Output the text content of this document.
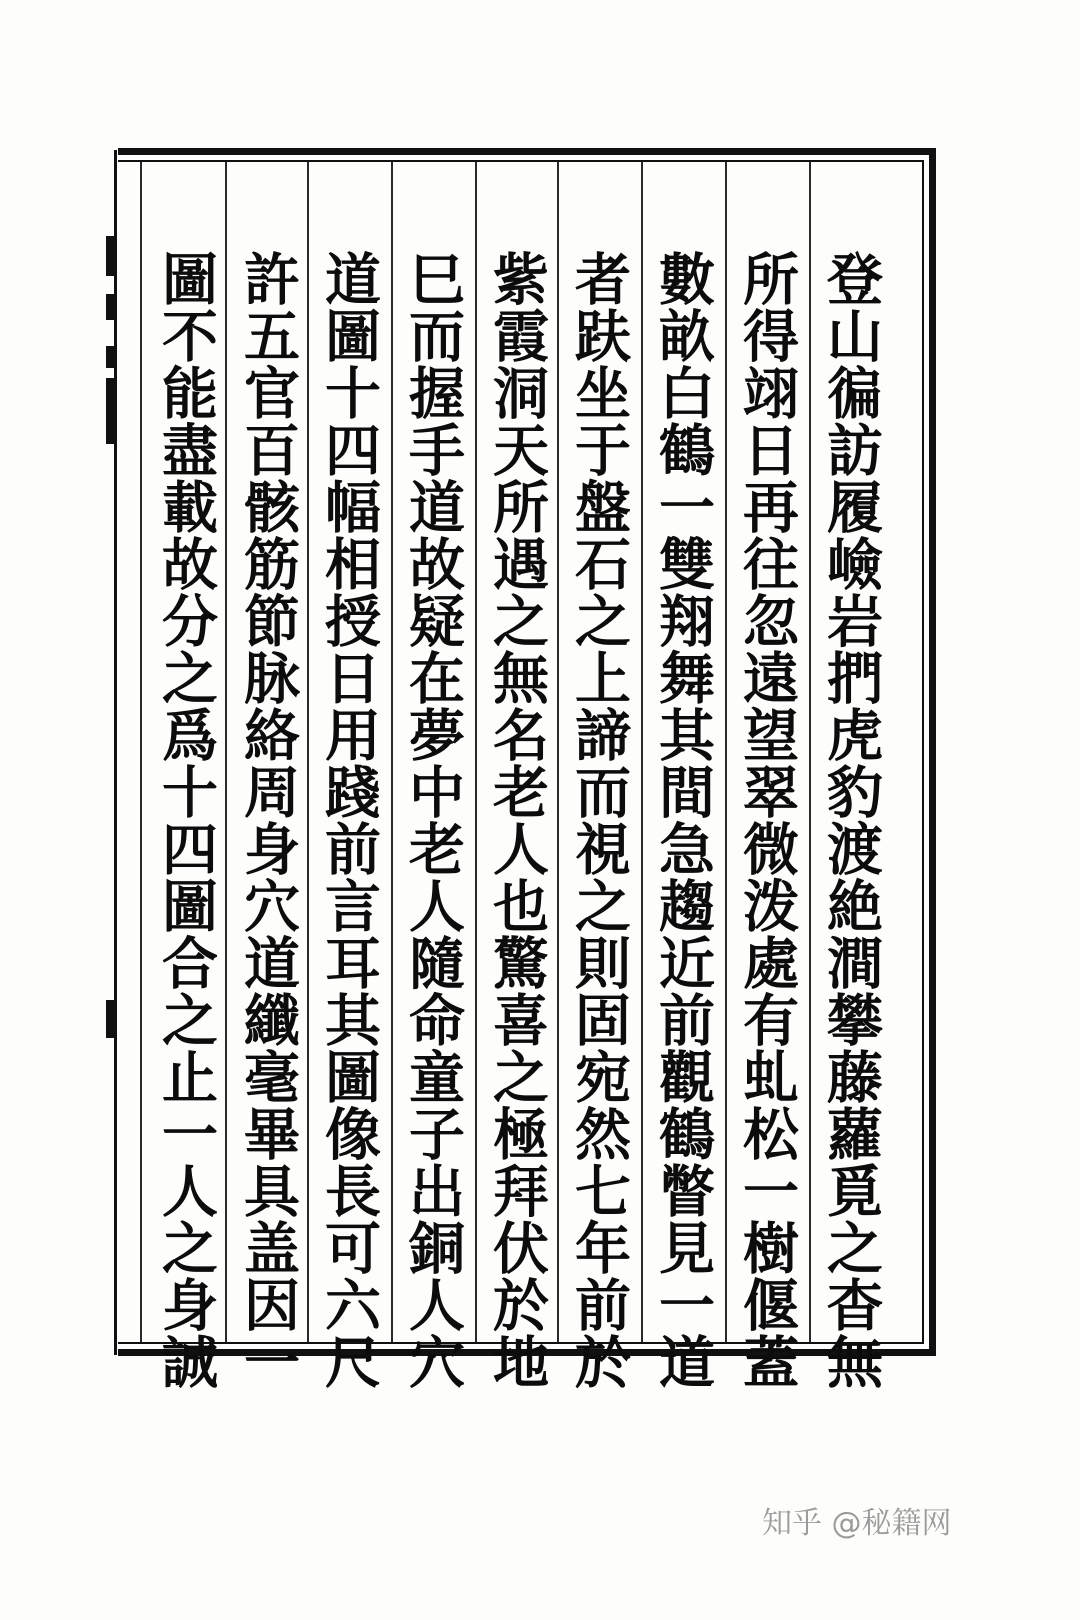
登山徧訪履嶮岩捫虎豹渡絶澗攀藤蘿覓之杳無
所得翊日再往忽遠望翠微泼處有虬松一樹偃蓋
數畝白鶴一雙翔舞其間急趨近前觀鶴瞥見一道
者趺坐于盤石之上諦而視之則固宛然七年前於
紫霞洞天所遇之無名老人也驚喜之極拜伏於地
巳而握手道故疑在夢中老人隨命童子出銅人穴
道圖十四幅相授日用踐前言耳其圖像長可六尺
許五官百骸筋節脉絡周身穴道纖毫畢具盖因一
圖不能盡載故分之爲十四圖合之止一人之身誠
知乎 @秘籍网
